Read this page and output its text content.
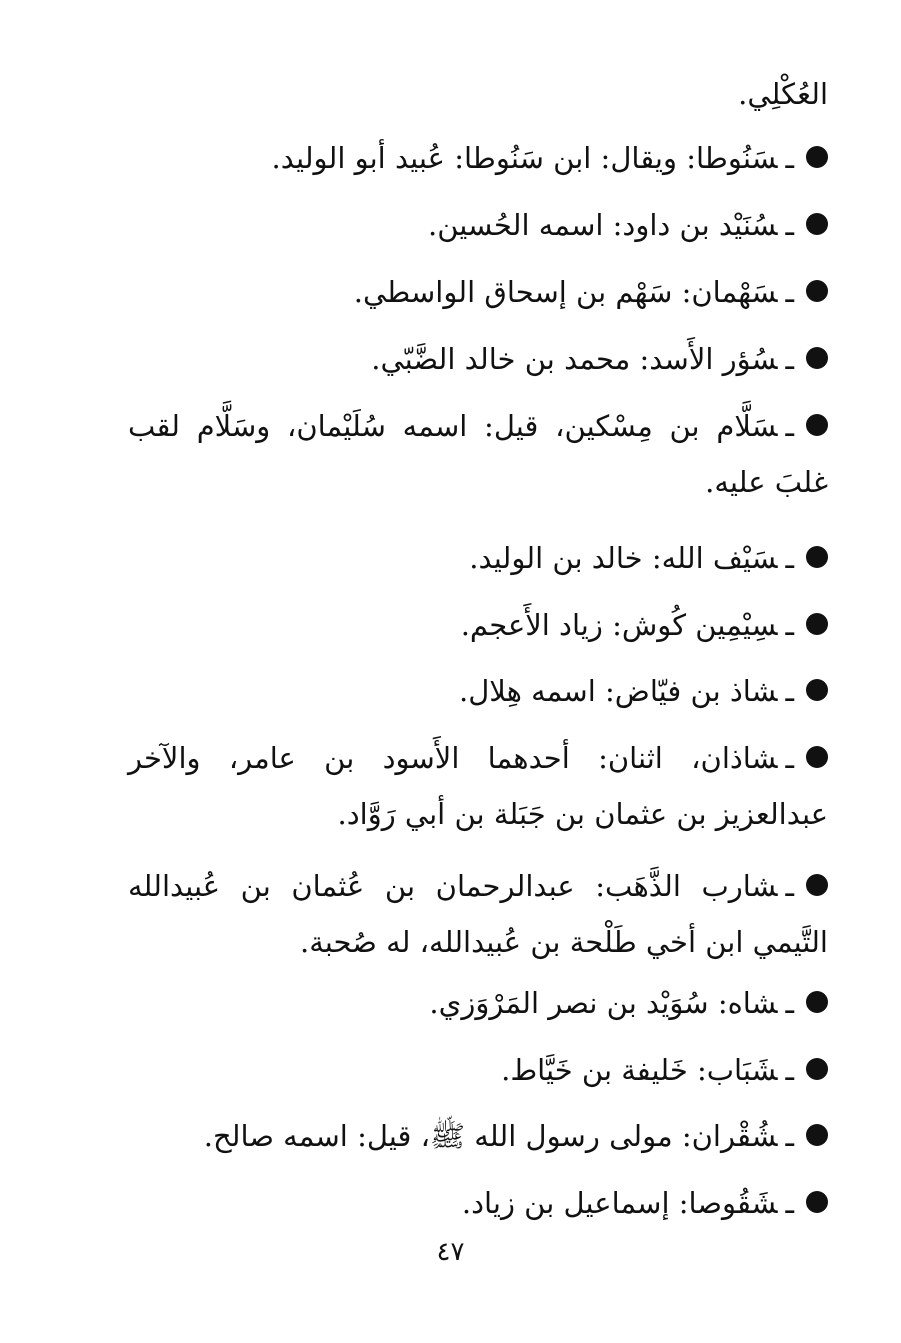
العُكْلِي.
ـسَنُوطا: ويقال: ابن سَنُوطا: عُبيد أبو الوليد.
ـسُنَيْد بن داود: اسمه الحُسين.
ـسَهْمان: سَهْم بن إسحاق الواسطي.
ـسُؤر الأَسد: محمد بن خالد الضَّبّي.
ـسَلَّام بن مِسْكين، قيل: اسمه سُلَيْمان، وسَلَّام لقب غلبَ عليه.
ـسَيْف الله: خالد بن الوليد.
ـسِيْمِين كُوش: زياد الأَعجم.
ـشاذ بن فيّاض: اسمه هِلال.
ـشاذان، اثنان: أحدهما الأَسود بن عامر، والآخر عبدالعزيز بن عثمان بن جَبَلة بن أبي رَوَّاد.
ـشارب الذَّهَب: عبدالرحمان بن عُثمان بن عُبيدالله التَّيمي ابن أخي طَلْحة بن عُبيدالله، له صُحبة.
ـشاه: سُوَيْد بن نصر المَرْوَزي.
ـشَبَاب: خَليفة بن خَيَّاط.
ـشُقْران: مولى رسول الله ﷺ، قيل: اسمه صالح.
ـشَقُوصا: إسماعيل بن زياد.
٤٧
